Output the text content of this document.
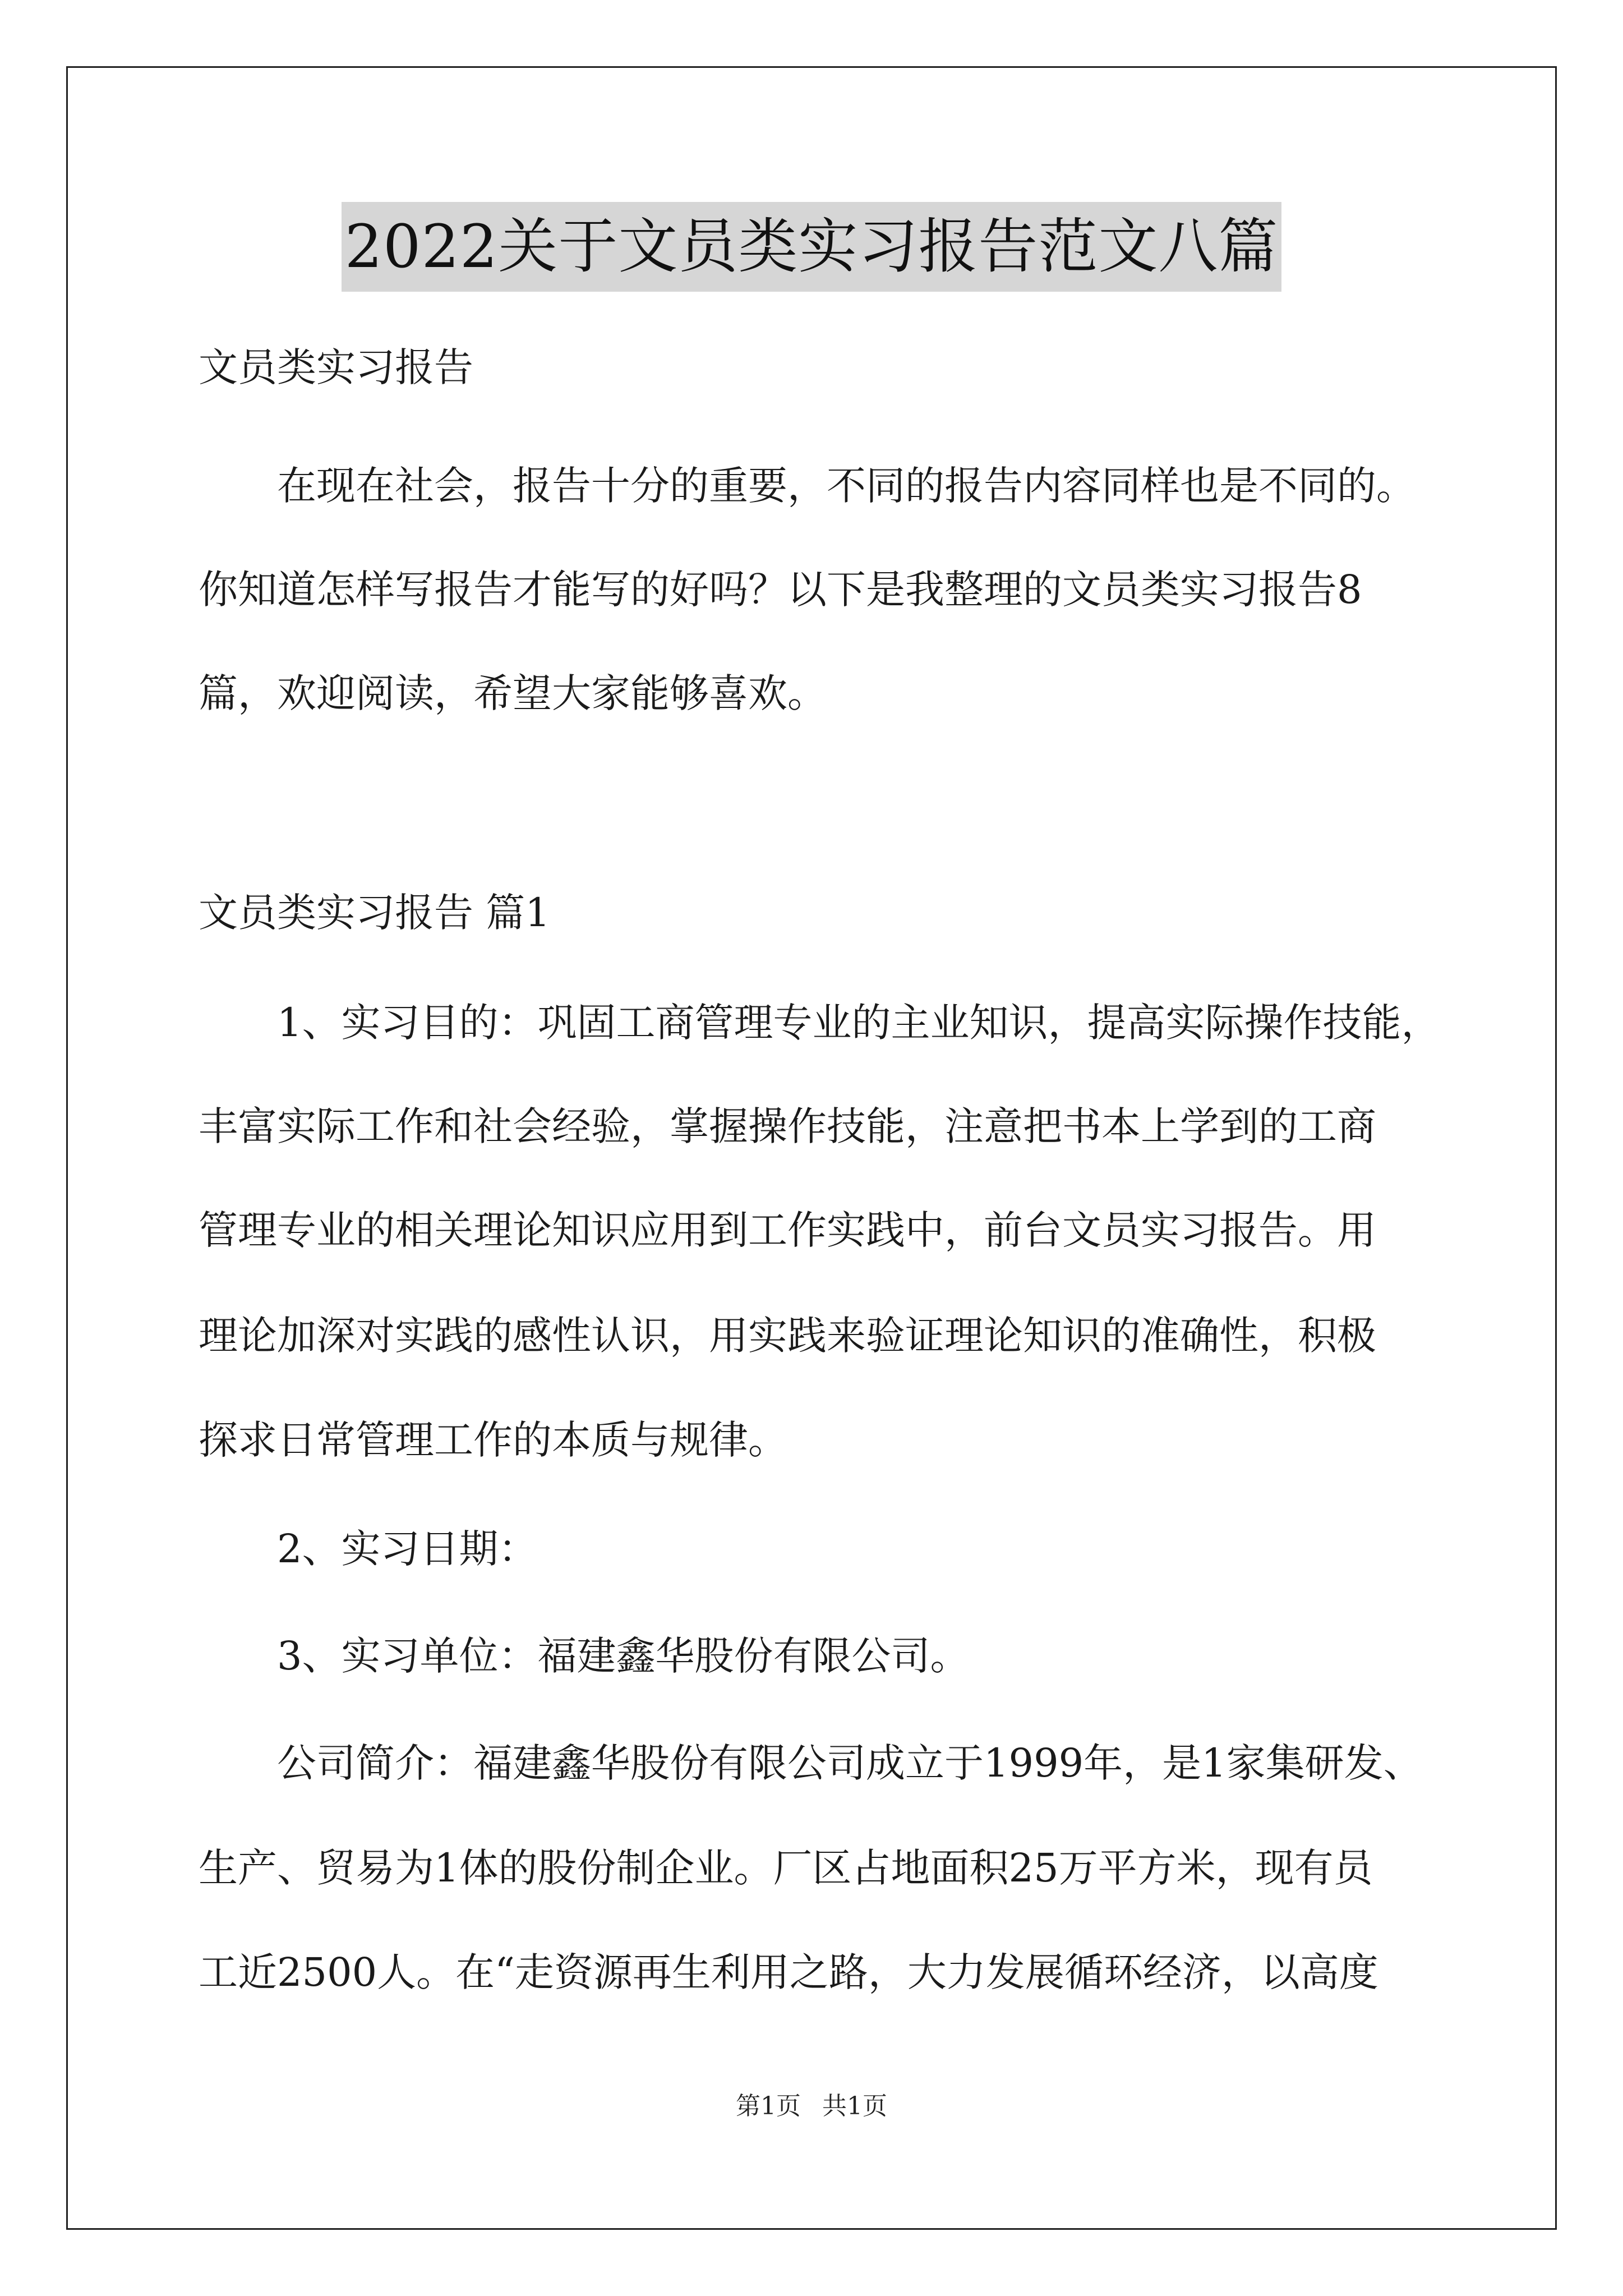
2022关于文员类实习报告范文八篇
文员类实习报告
　　在现在社会，报告十分的重要，不同的报告内容同样也是不同的。
你知道怎样写报告才能写的好吗？以下是我整理的文员类实习报告8
篇，欢迎阅读，希望大家能够喜欢。
文员类实习报告 篇1
　　1、实习目的：巩固工商管理专业的主业知识，提高实际操作技能，
丰富实际工作和社会经验，掌握操作技能，注意把书本上学到的工商
管理专业的相关理论知识应用到工作实践中，前台文员实习报告。用
理论加深对实践的感性认识，用实践来验证理论知识的准确性，积极
探求日常管理工作的本质与规律。
　　2、实习日期：
　　3、实习单位：福建鑫华股份有限公司。
　　公司简介：福建鑫华股份有限公司成立于1999年，是1家集研发、
生产、贸易为1体的股份制企业。厂区占地面积25万平方米，现有员
工近2500人。在“走资源再生利用之路，大力发展循环经济，以高度
第1页 共1页
